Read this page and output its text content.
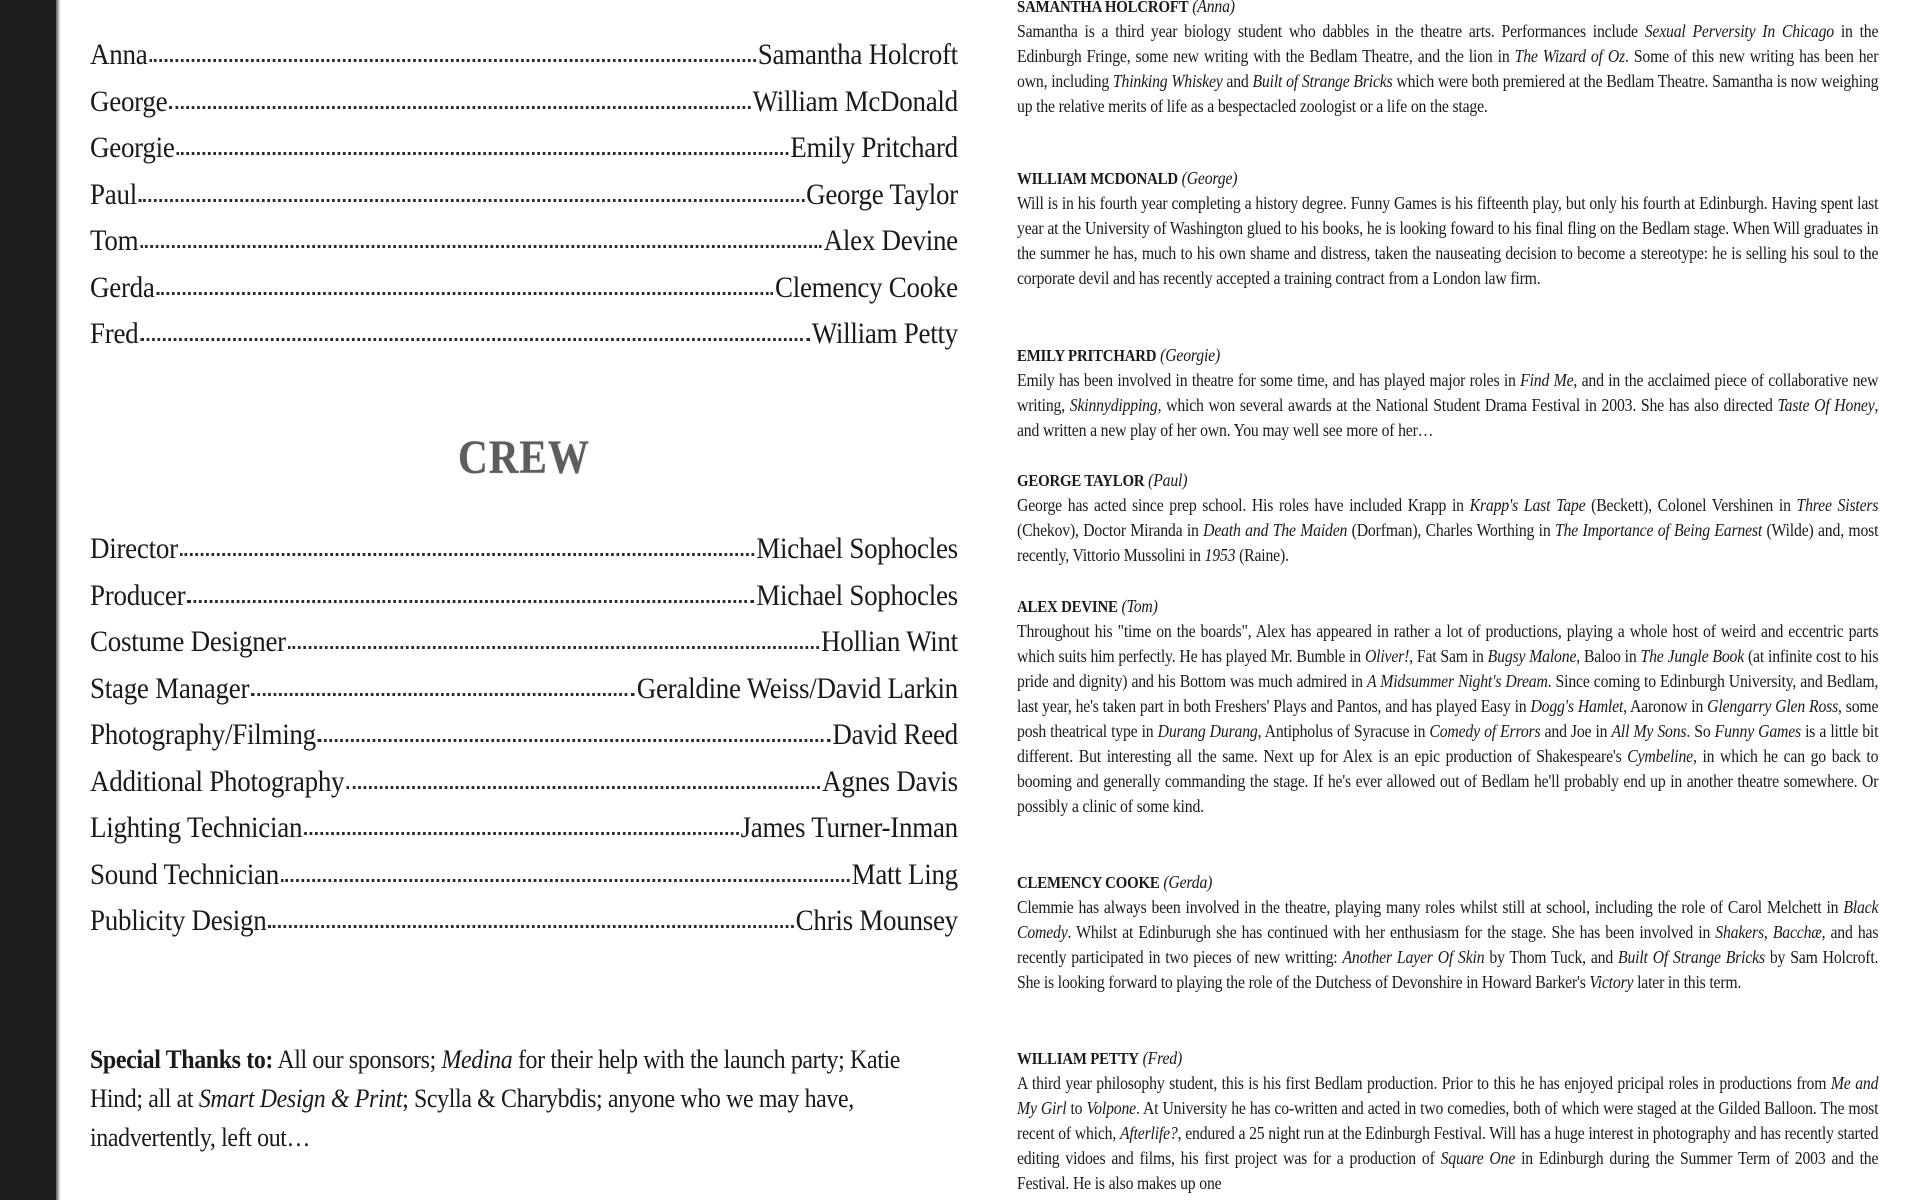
Anna	Samantha Holcroft
George	William McDonald
Georgie	Emily Pritchard
Paul	George Taylor
Tom	Alex Devine
Gerda	Clemency Cooke
Fred	William Petty
CREW
Director	Michael Sophocles
Producer	Michael Sophocles
Costume Designer	Hollian Wint
Stage Manager	Geraldine Weiss/David Larkin
Photography/Filming	David Reed
Additional Photography	Agnes Davis
Lighting Technician	James Turner-Inman
Sound Technician	Matt Ling
Publicity Design	Chris Mounsey
Special Thanks to: All our sponsors; Medina for their help with the launch party; Katie Hind; all at Smart Design & Print; Scylla & Charybdis; anyone who we may have, inadvertently, left out…
SAMANTHA HOLCROFT (Anna)
Samantha is a third year biology student who dabbles in the theatre arts. Performances include Sexual Perversity In Chicago in the Edinburgh Fringe, some new writing with the Bedlam Theatre, and the lion in The Wizard of Oz. Some of this new writing has been her own, including Thinking Whiskey and Built of Strange Bricks which were both premiered at the Bedlam Theatre. Samantha is now weighing up the relative merits of life as a bespectacled zoologist or a life on the stage.
WILLIAM MCDONALD (George)
Will is in his fourth year completing a history degree. Funny Games is his fifteenth play, but only his fourth at Edinburgh. Having spent last year at the University of Washington glued to his books, he is looking foward to his final fling on the Bedlam stage. When Will graduates in the summer he has, much to his own shame and distress, taken the nauseating decision to become a stereotype: he is selling his soul to the corporate devil and has recently accepted a training contract from a London law firm.
EMILY PRITCHARD (Georgie)
Emily has been involved in theatre for some time, and has played major roles in Find Me, and in the acclaimed piece of collaborative new writing, Skinnydipping, which won several awards at the National Student Drama Festival in 2003. She has also directed Taste Of Honey, and written a new play of her own. You may well see more of her…
GEORGE TAYLOR (Paul)
George has acted since prep school. His roles have included Krapp in Krapp's Last Tape (Beckett), Colonel Vershinen in Three Sisters (Chekov), Doctor Miranda in Death and The Maiden (Dorfman), Charles Worthing in The Importance of Being Earnest (Wilde) and, most recently, Vittorio Mussolini in 1953 (Raine).
ALEX DEVINE (Tom)
Throughout his "time on the boards", Alex has appeared in rather a lot of productions, playing a whole host of weird and eccentric parts which suits him perfectly. He has played Mr. Bumble in Oliver!, Fat Sam in Bugsy Malone, Baloo in The Jungle Book (at infinite cost to his pride and dignity) and his Bottom was much admired in A Midsummer Night's Dream. Since coming to Edinburgh University, and Bedlam, last year, he's taken part in both Freshers' Plays and Pantos, and has played Easy in Dogg's Hamlet, Aaronow in Glengarry Glen Ross, some posh theatrical type in Durang Durang, Antipholus of Syracuse in Comedy of Errors and Joe in All My Sons. So Funny Games is a little bit different. But interesting all the same. Next up for Alex is an epic production of Shakespeare's Cymbeline, in which he can go back to booming and generally commanding the stage. If he's ever allowed out of Bedlam he'll probably end up in another theatre somewhere. Or possibly a clinic of some kind.
CLEMENCY COOKE (Gerda)
Clemmie has always been involved in the theatre, playing many roles whilst still at school, including the role of Carol Melchett in Black Comedy. Whilst at Edinburugh she has continued with her enthusiasm for the stage. She has been involved in Shakers, Bacchæ, and has recently participated in two pieces of new writting: Another Layer Of Skin by Thom Tuck, and Built Of Strange Bricks by Sam Holcroft. She is looking forward to playing the role of the Dutchess of Devonshire in Howard Barker's Victory later in this term.
WILLIAM PETTY (Fred)
A third year philosophy student, this is his first Bedlam production. Prior to this he has enjoyed pricipal roles in productions from Me and My Girl to Volpone. At University he has co-written and acted in two comedies, both of which were staged at the Gilded Balloon. The most recent of which, Afterlife?, endured a 25 night run at the Edinburgh Festival. Will has a huge interest in photography and has recently started editing vidoes and films, his first project was for a production of Square One in Edinburgh during the Summer Term of 2003 and the Festival. He is also makes up one
